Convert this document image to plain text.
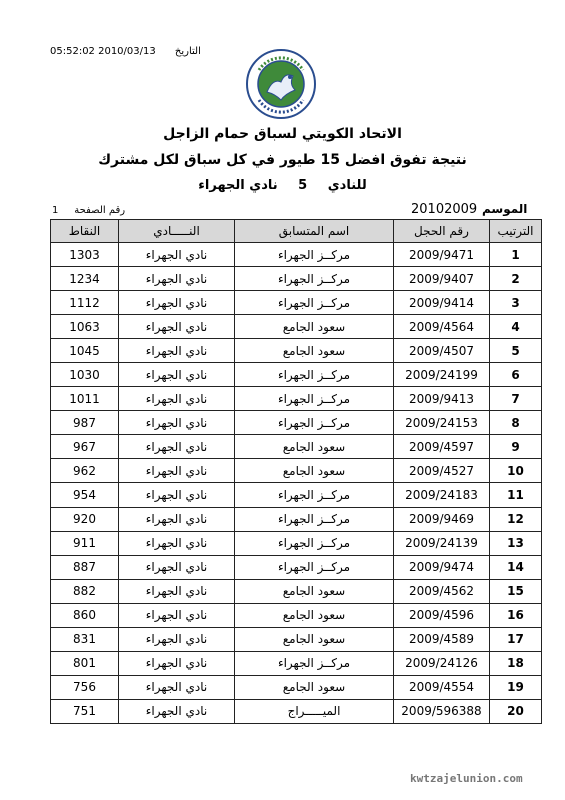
05:52:02 2010/03/13 التاريخ
الاتحاد الكويتي لسباق حمام الزاجل
نتيجة تفوق افضل 15 طيور في كل سباق لكل مشترك
للنادي 5 نادي الجهراء
رقم الصفحة     1	20102009 الموسم
الترتيب	رقم الحجل	اسم المتسابق	النـــــادي	النقاط
1	2009/9471	مركــز الجهراء	نادي الجهراء	1303
2	2009/9407	مركــز الجهراء	نادي الجهراء	1234
3	2009/9414	مركــز الجهراء	نادي الجهراء	1112
4	2009/4564	سعود الجامع	نادي الجهراء	1063
5	2009/4507	سعود الجامع	نادي الجهراء	1045
6	2009/24199	مركــز الجهراء	نادي الجهراء	1030
7	2009/9413	مركــز الجهراء	نادي الجهراء	1011
8	2009/24153	مركــز الجهراء	نادي الجهراء	987
9	2009/4597	سعود الجامع	نادي الجهراء	967
10	2009/4527	سعود الجامع	نادي الجهراء	962
11	2009/24183	مركــز الجهراء	نادي الجهراء	954
12	2009/9469	مركــز الجهراء	نادي الجهراء	920
13	2009/24139	مركــز الجهراء	نادي الجهراء	911
14	2009/9474	مركــز الجهراء	نادي الجهراء	887
15	2009/4562	سعود الجامع	نادي الجهراء	882
16	2009/4596	سعود الجامع	نادي الجهراء	860
17	2009/4589	سعود الجامع	نادي الجهراء	831
18	2009/24126	مركــز الجهراء	نادي الجهراء	801
19	2009/4554	سعود الجامع	نادي الجهراء	756
20	2009/596388	الميـــــراج	نادي الجهراء	751
kwtzajelunion.com
